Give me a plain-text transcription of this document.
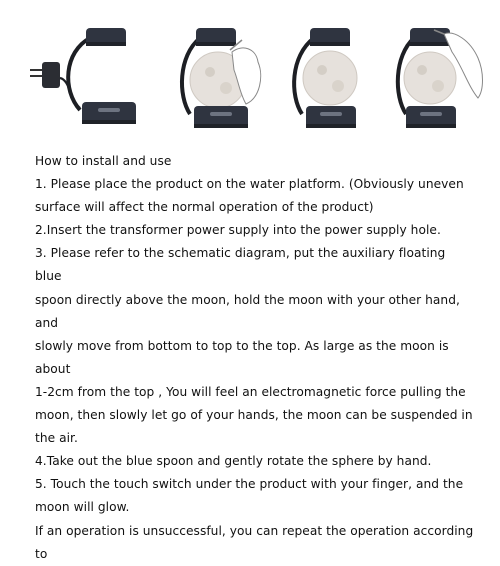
How to install and use

1. Please place the product on the water platform. (Obviously uneven

surface will affect the normal operation of the product)

2.Insert the transformer power supply into the power supply hole.

3. Please refer to the schematic diagram, put the auxiliary floating blue

spoon directly above the moon, hold the moon with your other hand, and

slowly move from bottom to top to the top. As large as the moon is about

1-2cm from the top , You will feel an electromagnetic force pulling the

moon, then slowly let go of your hands, the moon can be suspended in

the air.

4.Take out the blue spoon and gently rotate the sphere by hand.

5. Touch the touch switch under the product with your finger, and the

moon will glow.

If an operation is unsuccessful, you can repeat the operation according to
